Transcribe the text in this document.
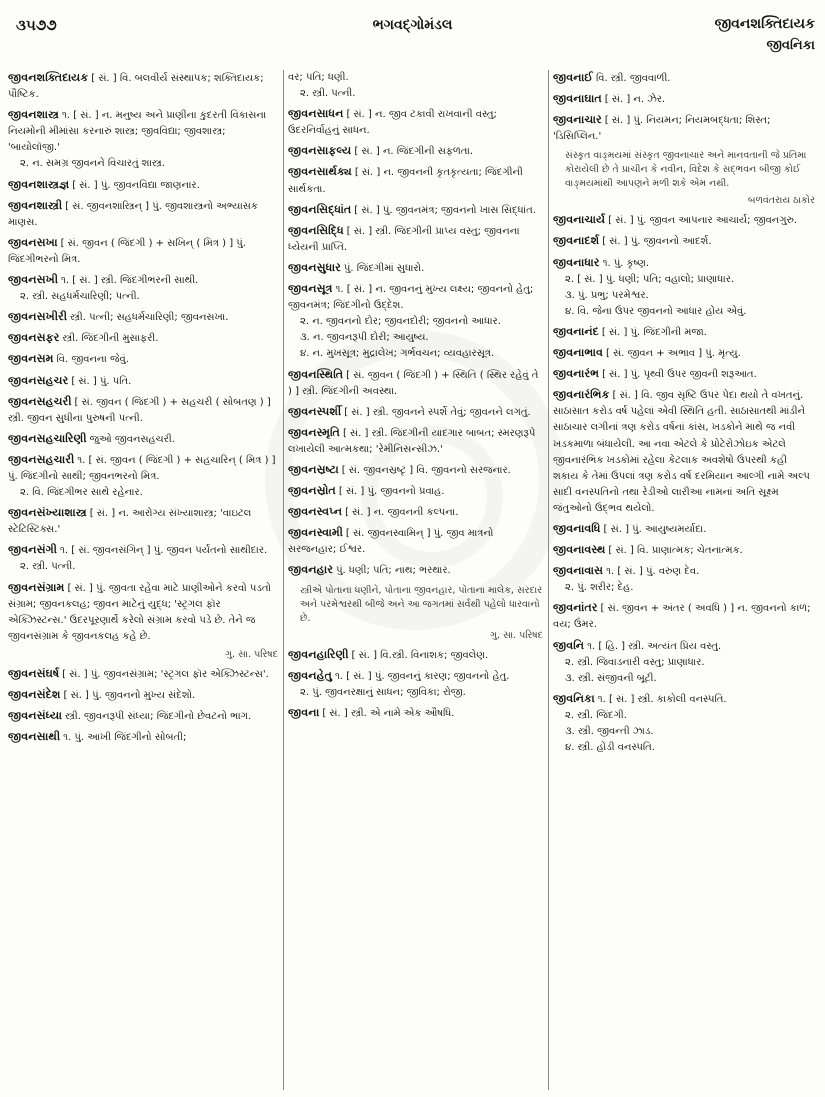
૩૫૭૭	ભગવદ્ગોમંડલ	જીવનશક્તિદાયક
જીવનિકા
જીવનશક્તિદાયક [ સં. ] વિ. બલવીર્ય સંસ્થાપક; શક્તિદાયક; પૌષ્ટિક.
જીવનશાસ્ત્ર ૧. [ સં. ] ન. મનુષ્ય અને પ્રાણીના કુદરતી વિકાસના નિયમોની મીમાંસા કરનારું શાસ્ત્ર; જીવવિદ્યા; જીવશાસ્ત્ર; 'બાયોલૉજી.'
૨. ન. સમગ્ર જીવનને વિચારતું શાસ્ત્ર.
જીવનશાસ્ત્રજ્ઞ [ સં. ] પું. જીવનવિદ્યા જાણનાર.
જીવનશાસ્ત્રી [ સં. જીવનશાસ્ત્રિન્ ] પું. જીવશાસ્ત્રનો અભ્યાસક માણસ.
જીવનસખા [ સં. જીવન ( જિંદગી ) + સખિન્ ( મિત્ર ) ] પું. જિંદગીભરનો મિત્ર.
જીવનસખી ૧. [ સં. ] સ્ત્રી. જિંદગીભરની સાથી.
૨. સ્ત્રી. સહધર્મચારિણી; પત્ની.
જીવનસખીરી સ્ત્રી. પત્ની; સહધર્મચારિણી; જીવનસખા.
જીવનસફર સ્ત્રી. જિંદગીની મુસાફરી.
જીવનસમ વિ. જીવનના જેવું.
જીવનસહચર [ સં. ] પું. પતિ.
જીવનસહચરી [ સં. જીવન ( જિંદગી ) + સહચરી ( સોબતણ ) ] સ્ત્રી. જીવન સુધીના પુરુષની પત્ની.
જીવનસહચારિણી જુઓ જીવનસહચરી.
જીવનસહચારી ૧. [ સં. જીવન ( જિંદગી ) + સહચારિન્ ( મિત્ર ) ] પું. જિંદગીનો સાથી; જીવનભરનો મિત્ર.
૨. વિ. જિંદગીભર સાથે રહેનાર.
જીવનસંખ્યાશાસ્ત્ર [ સં. ] ન. આરોગ્ય સંખ્યાશાસ્ત્ર; 'વાઇટલ સ્ટેટિસ્ટિક્સ.'
જીવનસંગી ૧. [ સં. જીવનસંગિન્ ] પું. જીવન પર્યંતનો સાથીદાર.
૨. સ્ત્રી. પત્ની.
જીવનસંગ્રામ [ સં. ] પું. જીવતા રહેવા માટે પ્રાણીઓને કરવો પડતો સંગ્રામ; જીવનકલહ; જીવન માટેનું યુદ્ધ; 'સ્ટ્રગલ ફૉર એક્ઝિસ્ટન્સ.' ઉદરપૂરણાર્થે કરેલો સંગ્રામ કરવો પડે છે. તેને જ જીવનસંગ્રામ કે જીવનકલહ કહે છે.
ગુ. સા. પરિષદ
જીવનસંઘર્ષ [ સં. ] પું. જીવનસંગ્રામ; 'સ્ટ્રગલ ફૉર એક્ઝિસ્ટન્સ'.
જીવનસંદેશ [ સં. ] પું. જીવનનો મુખ્ય સંદેશો.
જીવનસંધ્યા સ્ત્રી. જીવનરૂપી સંધ્યા; જિંદગીનો છેવટનો ભાગ.
જીવનસાથી ૧. પું. આખી જિંદગીનો સોબતી;
વર; પતિ; ધણી.
૨. સ્ત્રી. પત્ની.
જીવનસાધન [ સં. ] ન. જીવ ટકાવી રાખવાની વસ્તુ; ઉદરનિર્વાહનું સાધન.
જીવનસાફલ્ય [ સં. ] ન. જિંદગીની સફળતા.
જીવનસાર્થક્ય [ સં. ] ન. જીવનની કૃતકૃત્યતા; જિંદગીની સાર્થકતા.
જીવનસિદ્ધાંત [ સં. ] પું. જીવનમંત્ર; જીવનનો ખાસ સિદ્ધાંત.
જીવનસિદ્ધિ [ સં. ] સ્ત્રી. જિંદગીની પ્રાપ્ય વસ્તુ; જીવનના ધ્યેયની પ્રાપ્તિ.
જીવનસુધાર પું. જિંદગીમાં સુધારો.
જીવનસૂત્ર ૧. [ સં. ] ન. જીવનનું મુખ્ય લક્ષ્ય; જીવનનો હેતુ; જીવનમંત્ર; જિંદગીનો ઉદ્દેશ.
૨. ન. જીવનનો દોર; જીવનદોરી; જીવનનો આધાર.
૩. ન. જીવનરૂપી દોરી; આયુષ્ય.
૪. ન. મુખસૂત્ર; મુદ્રાલેખ; ગર્ભવચન; વ્યવહારસૂત્ર.
જીવનસ્થિતિ [ સં. જીવન ( જિંદગી ) + સ્થિતિ ( સ્થિર રહેવું તે ) ] સ્ત્રી. જિંદગીની અવસ્થા.
જીવનસ્પર્શી [ સં. ] સ્ત્રી. જીવનને સ્પર્શે તેવું; જીવનને લગતું.
જીવનસ્મૃતિ [ સં. ] સ્ત્રી. જિંદગીની યાદગાર બાબત; સ્મરણરૂપે લખાયેલી આત્મકથા; 'રેમીનિસન્સીઝ.'
જીવનસ્રષ્ટા [ સં. જીવનસ્રષ્ટૃ ] વિ. જીવનનો સરજનાર.
જીવનસ્રોત [ સં. ] પું. જીવનનો પ્રવાહ.
જીવનસ્વપ્ન [ સં. ] ન. જીવનની કલ્પના.
જીવનસ્વામી [ સં. જીવનસ્વામિન્ ] પું. જીવ માત્રનો સરજનહાર; ઈશ્વર.
જીવનહાર પું. ધણી; પતિ; નાથ; ભરથાર.
સ્ત્રીએ પોતાના ધણીને, પોતાના જીવનહાર, પોતાના માલેક, સરદાર અને પરમેશ્વરથી બીજે અને આ જગતમાં સર્વથી પહેલો ધારવાનો છે.
ગુ. સા. પરિષદ
જીવનહારિણી [ સં. ] વિ.સ્ત્રી. વિનાશક; જીવલેણ.
જીવનહેતુ ૧. [ સં. ] પું. જીવનનું કારણ; જીવનનો હેતુ.
૨. પું. જીવનરક્ષાનું સાધન; જીવિકા; રોજી.
જીવના [ સં. ] સ્ત્રી. એ નામે એક ઔષધિ.
જીવનાઈ વિ. સ્ત્રી. જીવવાળી.
જીવનાઘાત [ સં. ] ન. ઝેર.
જીવનાચાર [ સં. ] પું. નિયમન; નિયમબદ્ધતા; શિસ્ત; 'ડિસિપ્લિન.'
સંસ્કૃત વાઙ્મયમાં સંસ્કૃત જીવનાચાર અને માનવતાની જે પ્રતિમા કોરાયેલી છે તે પ્રાચીન કે નવીન, વિદેશ કે સદ્ભવન બીજી કોઈ વાઙ્મયમાંથી આપણને મળી શકે એમ નથી.
બળવંતરાય ઠાકોર
જીવનાચાર્ય [ સં. ] પું. જીવન આપનાર આચાર્ય; જીવનગુરુ.
જીવનાદર્શ [ સં. ] પું. જીવનનો આદર્શ.
જીવનાધાર ૧. પું. કૃષ્ણ.
૨. [ સં. ] પું. ધણી; પતિ; વહાલો; પ્રાણાધાર.
૩. પું. પ્રભુ; પરમેશ્વર.
૪. વિ. જેના ઉપર જીવનનો આધાર હોય એવું.
જીવનાનંદ [ સં. ] પું. જિંદગીની મજા.
જીવનાભાવ [ સં. જીવન + અભાવ ] પું. મૃત્યુ.
જીવનારંભ [ સં. ] પું. પૃથ્વી ઉપર જીવની શરૂઆત.
જીવનારંભિક [ સં. ] વિ. જીવ સૃષ્ટિ ઉપર પેદા થયો તે વખતનું. સાઠાસાત કરોડ વર્ષ પહેલાં એવી સ્થિતિ હતી. સાઠાસાતથી માંડીને સાઠાચાર લગીનાં ત્રણ કરોડ વર્ષનાં કાંસ, ખડકોને માથે જ નવી ખડકમાળા બંધાયેલી. આ નવા એટલે કે પ્રોટેરોઝોઇક એટલે જીવનારંભિક ખડકોમાં રહેલા કેટલાક અવશેષો ઉપરથી કહી શકાય કે તેમાં ઉપલાં ત્રણ કરોડ વર્ષ દરમિયાન આલ્ગી નામે અલ્પ સાદી વનસ્પતિનો તથા રેડીઓ લારીઆ નામનાં અતિ સૂક્ષ્મ જંતુઓનો ઉદ્ભવ થયેલો.
જીવનાવધિ [ સં. ] પું. આયુષ્યમર્યાદા.
જીવનાવસ્થ [ સં. ] વિ. પ્રાણાત્મક; ચેતનાત્મક.
જીવનાવાસ ૧. [ સં. ] પું. વરુણ દેવ.
૨. પું. શરીર; દેહ.
જીવનાંતર [ સં. જીવન + અંતર ( અવધિ ) ] ન. જીવનનો કાળ; વય; ઉંમર.
જીવનિ ૧. [ હિ. ] સ્ત્રી. અત્યંત પ્રિય વસ્તુ.
૨. સ્ત્રી. જિવાડનારી વસ્તુ; પ્રાણાધાર.
૩. સ્ત્રી. સંજીવની બૂટી.
જીવનિકા ૧. [ સં. ] સ્ત્રી. કાકોલી વનસ્પતિ.
૨. સ્ત્રી. જિંદગી.
૩. સ્ત્રી. જીવન્તી ઝાડ.
૪. સ્ત્રી. હોડી વનસ્પતિ.
